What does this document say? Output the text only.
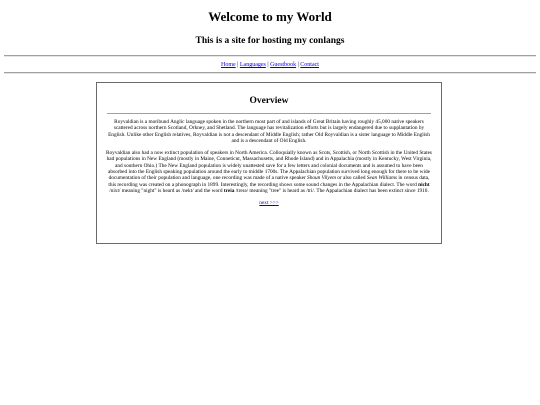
Welcome to my World
This is a site for hosting my conlangs
Home | Languages | Guestbook | Contact
Overview

Royvaldian is a moribund Anglic language spoken in the northern most part of and islands of Great Britain having roughly 45,000 native speakers scattered across northern Scotland, Orkney, and Shetland. The language has revitalization efforts but is largely endangered due to supplantation by English. Unlike other English relatives, Royvaldian is not a descendant of Middle English; rather Old Royvaldian is a sister language to Middle English and is a descendant of Old English.

Royvaldian also had a now extinct population of speakers in North America. Colloquially known as Scots, Scottish, or North Scottish in the United States had populations in New England (mostly in Maine, Conneticut, Massachusetts, and Rhode Island) and in Appalachia (mostly in Kentucky, West Virginia, and southern Ohio.) The New England population is widely unattested save for a few letters and colonial documents and is assumed to have been absorbed into the English speaking population around the early to middle 1700s. The Appalachian population survived long enough for there to be wide documentation of their population and language, one recording was made of a native speaker Shoun Vilyem or also called Sean Williams in census data, this recording was created on a phonograph in 1899. Interestingly, the recording shows some sound changes in the Appalachian dialect. The word nicht /nixt/ meaning "night" is heard as /nekt/ and the word treia /treɪə/ meaning "tree" is heard as /tri/. The Appalachian dialect has been extinct since 1910.

next >>>
